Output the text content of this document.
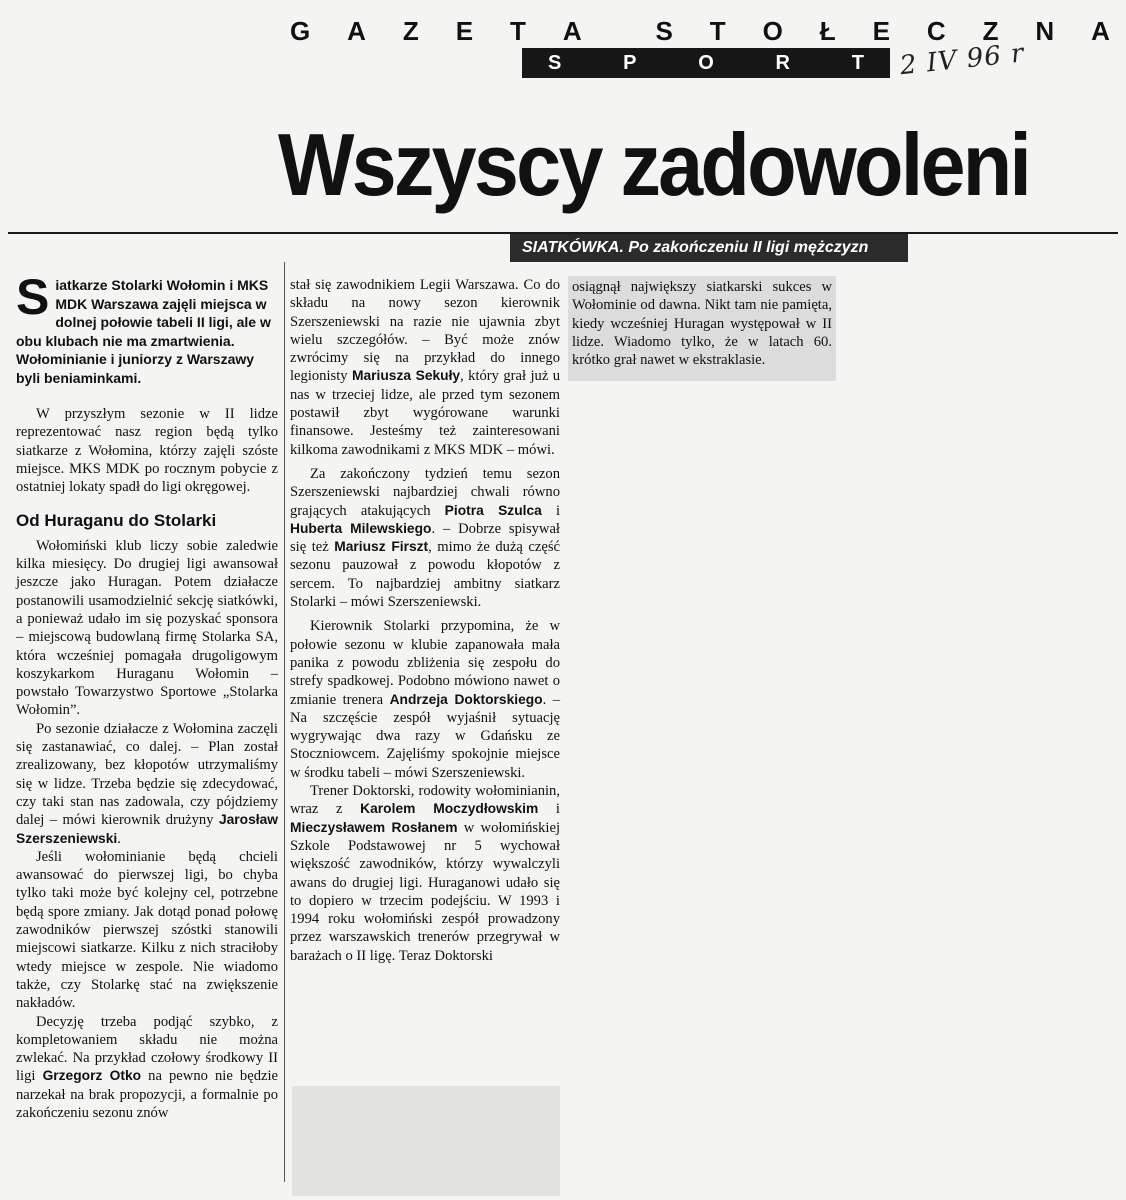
G A Z E T A	S T O Ł E C Z N A
S	P	O	R	T 2 IV 96 r
Wszyscy zadowoleni
SIATKÓWKA. Po zakończeniu II ligi mężczyzn
Siatkarze Stolarki Wołomin i MKS MDK Warszawa zajęli miejsca w dolnej połowie tabeli II ligi, ale w obu klubach nie ma zmartwienia. Wołominianie i juniorzy z Warszawy byli beniaminkami.

W przyszłym sezonie w II lidze reprezentować nasz region będą tylko siatkarze z Wołomina, którzy zajęli szóste miejsce. MKS MDK po rocznym pobycie z ostatniej lokaty spadł do ligi okręgowej.

Od Huraganu do Stolarki

Wołomiński klub liczy sobie zaledwie kilka miesięcy. Do drugiej ligi awansował jeszcze jako Huragan. Potem działacze postanowili usamodzielnić sekcję siatkówki, a ponieważ udało im się pozyskać sponsora – miejscową budowlaną firmę Stolarka SA, która wcześniej pomagała drugoligowym koszykarkom Huraganu Wołomin – powstało Towarzystwo Sportowe „Stolarka Wołomin”.

Po sezonie działacze z Wołomina zaczęli się zastanawiać, co dalej. – Plan został zrealizowany, bez kłopotów utrzymaliśmy się w lidze. Trzeba będzie się zdecydować, czy taki stan nas zadowala, czy pójdziemy dalej – mówi kierownik drużyny Jarosław Szerszeniewski.

Jeśli wołominianie będą chcieli awansować do pierwszej ligi, bo chyba tylko taki może być kolejny cel, potrzebne będą spore zmiany. Jak dotąd ponad połowę zawodników pierwszej szóstki stanowili miejscowi siatkarze. Kilku z nich straciłoby wtedy miejsce w zespole. Nie wiadomo także, czy Stolarkę stać na zwiększenie nakładów.

Decyzję trzeba podjąć szybko, z kompletowaniem składu nie można zwlekać. Na przykład czołowy środkowy II ligi Grzegorz Otko na pewno nie będzie narzekał na brak propozycji, a formalnie po zakończeniu sezonu znów

stał się zawodnikiem Legii Warszawa. Co do składu na nowy sezon kierownik Szerszeniewski na razie nie ujawnia zbyt wielu szczegółów. – Być może znów zwrócimy się na przykład do innego legionisty Mariusza Sekuły, który grał już u nas w trzeciej lidze, ale przed tym sezonem postawił zbyt wygórowane warunki finansowe. Jesteśmy też zainteresowani kilkoma zawodnikami z MKS MDK – mówi.

Za zakończony tydzień temu sezon Szerszeniewski najbardziej chwali równo grających atakujących Piotra Szulca i Huberta Milewskiego. – Dobrze spisywał się też Mariusz Firszt, mimo że dużą część sezonu pauzował z powodu kłopotów z sercem. To najbardziej ambitny siatkarz Stolarki – mówi Szerszeniewski.

Kierownik Stolarki przypomina, że w połowie sezonu w klubie zapanowała mała panika z powodu zbliżenia się zespołu do strefy spadkowej. Podobno mówiono nawet o zmianie trenera Andrzeja Doktorskiego. – Na szczęście zespół wyjaśnił sytuację wygrywając dwa razy w Gdańsku ze Stoczniowcem. Zajęliśmy spokojnie miejsce w środku tabeli – mówi Szerszeniewski.

Trener Doktorski, rodowity wołominianin, wraz z Karolem Moczydłowskim i Mieczysławem Rosłanem w wołomińskiej Szkole Podstawowej nr 5 wychował większość zawodników, którzy wywalczyli awans do drugiej ligi. Huraganowi udało się to dopiero w trzecim podejściu. W 1993 i 1994 roku wołomiński zespół prowadzony przez warszawskich trenerów przegrywał w barażach o II ligę. Teraz Doktorski

osiągnął największy siatkarski sukces w Wołominie od dawna. Nikt tam nie pamięta, kiedy wcześniej Huragan występował w II lidze. Wiadomo tylko, że w latach 60. krótko grał nawet w ekstraklasie.
